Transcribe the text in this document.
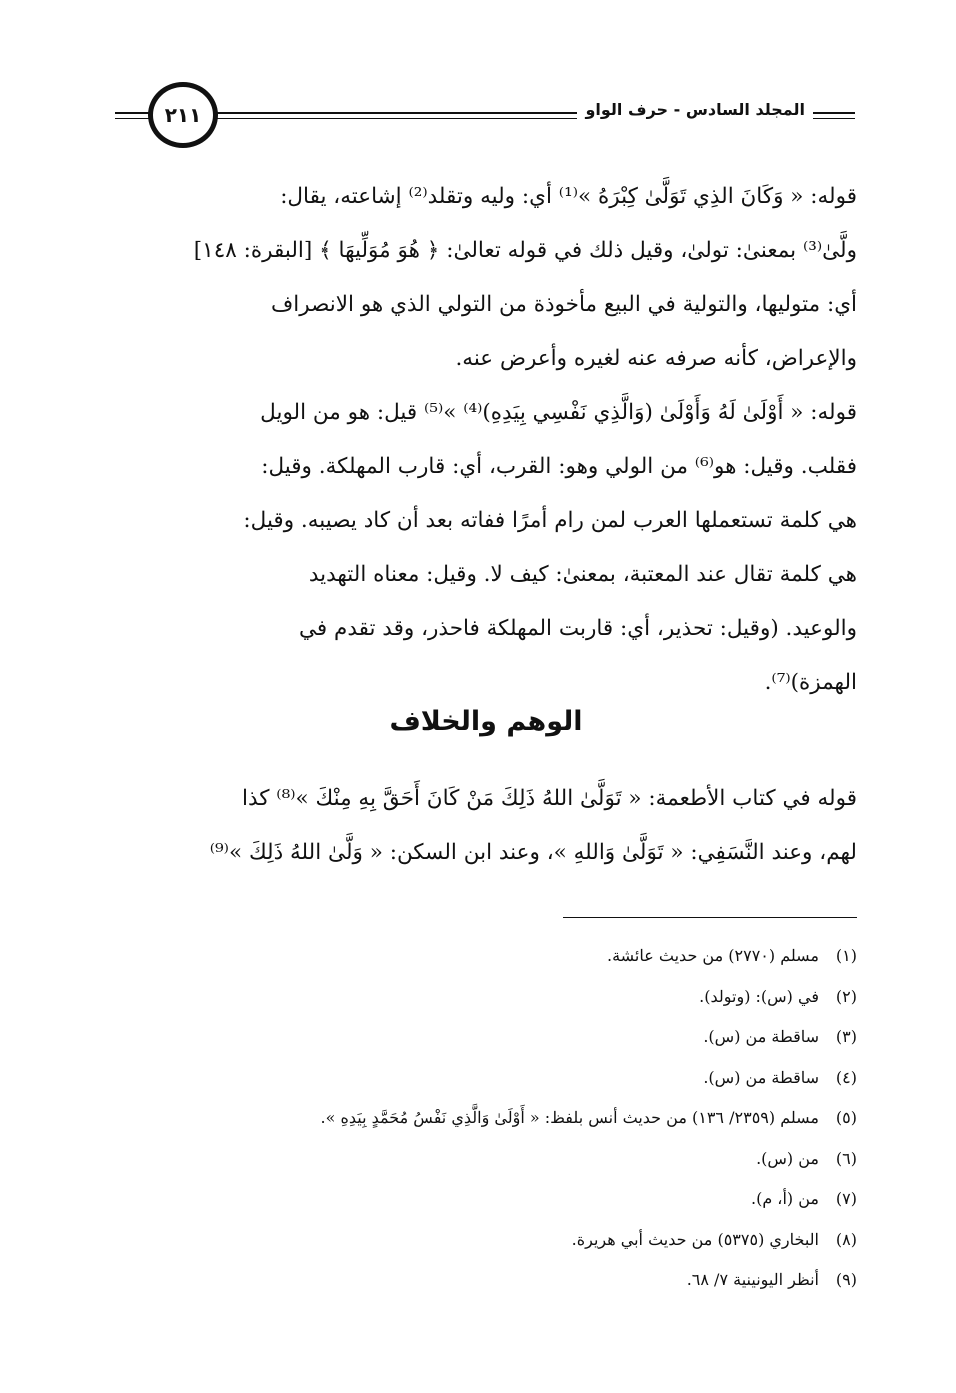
٢١١	المجلد السادس - حرف الواو
قوله: « وَكَانَ الذِي تَوَلَّىٰ كِبْرَهُ »⁽¹⁾ أي: وليه وتقلد⁽²⁾ إشاعته، يقال:
ولَّىٰ⁽³⁾ بمعنىٰ: تولىٰ، وقيل ذلك في قوله تعالىٰ: ﴿ هُوَ مُوَلِّيهَا ﴾ [البقرة: ١٤٨]
أي: متوليها، والتولية في البيع مأخوذة من التولي الذي هو الانصراف
والإعراض، كأنه صرفه عنه لغيره وأعرض عنه.
قوله: « أَوْلَىٰ لَهُ وَأَوْلَىٰ (وَالَّذِي نَفْسِي بِيَدِهِ)⁽⁴⁾ »⁽⁵⁾ قيل: هو من الويل
فقلب. وقيل: هو⁽⁶⁾ من الولي وهو: القرب، أي: قارب المهلكة. وقيل:
هي كلمة تستعملها العرب لمن رام أمرًا ففاته بعد أن كاد يصيبه. وقيل:
هي كلمة تقال عند المعتبة، بمعنىٰ: كيف لا. وقيل: معناه التهديد
والوعيد. (وقيل: تحذير، أي: قاربت المهلكة فاحذر، وقد تقدم في
الهمزة)⁽⁷⁾.
الوهم والخلاف
قوله في كتاب الأطعمة: « تَوَلَّىٰ اللهُ ذَلِكَ مَنْ كَانَ أَحَقَّ بِهِ مِنْكَ »⁽⁸⁾ كذا
لهم، وعند النَّسَفِي: « تَوَلَّىٰ وَاللهِ »، وعند ابن السكن: « وَلَّىٰ اللهُ ذَلِكَ »⁽⁹⁾
(١)مسلم (٢٧٧٠) من حديث عائشة.
(٢)في (س): (وتولد).
(٣)ساقطة من (س).
(٤)ساقطة من (س).
(٥)مسلم (٢٣٥٩/ ١٣٦) من حديث أنس بلفظ: « أَوْلَىٰ وَالَّذِي نَفْسُ مُحَمَّدٍ بِيَدِهِ ».
(٦)من (س).
(٧)من (أ، م).
(٨)البخاري (٥٣٧٥) من حديث أبي هريرة.
(٩)أنظر اليونينية ٧/ ٦٨.
